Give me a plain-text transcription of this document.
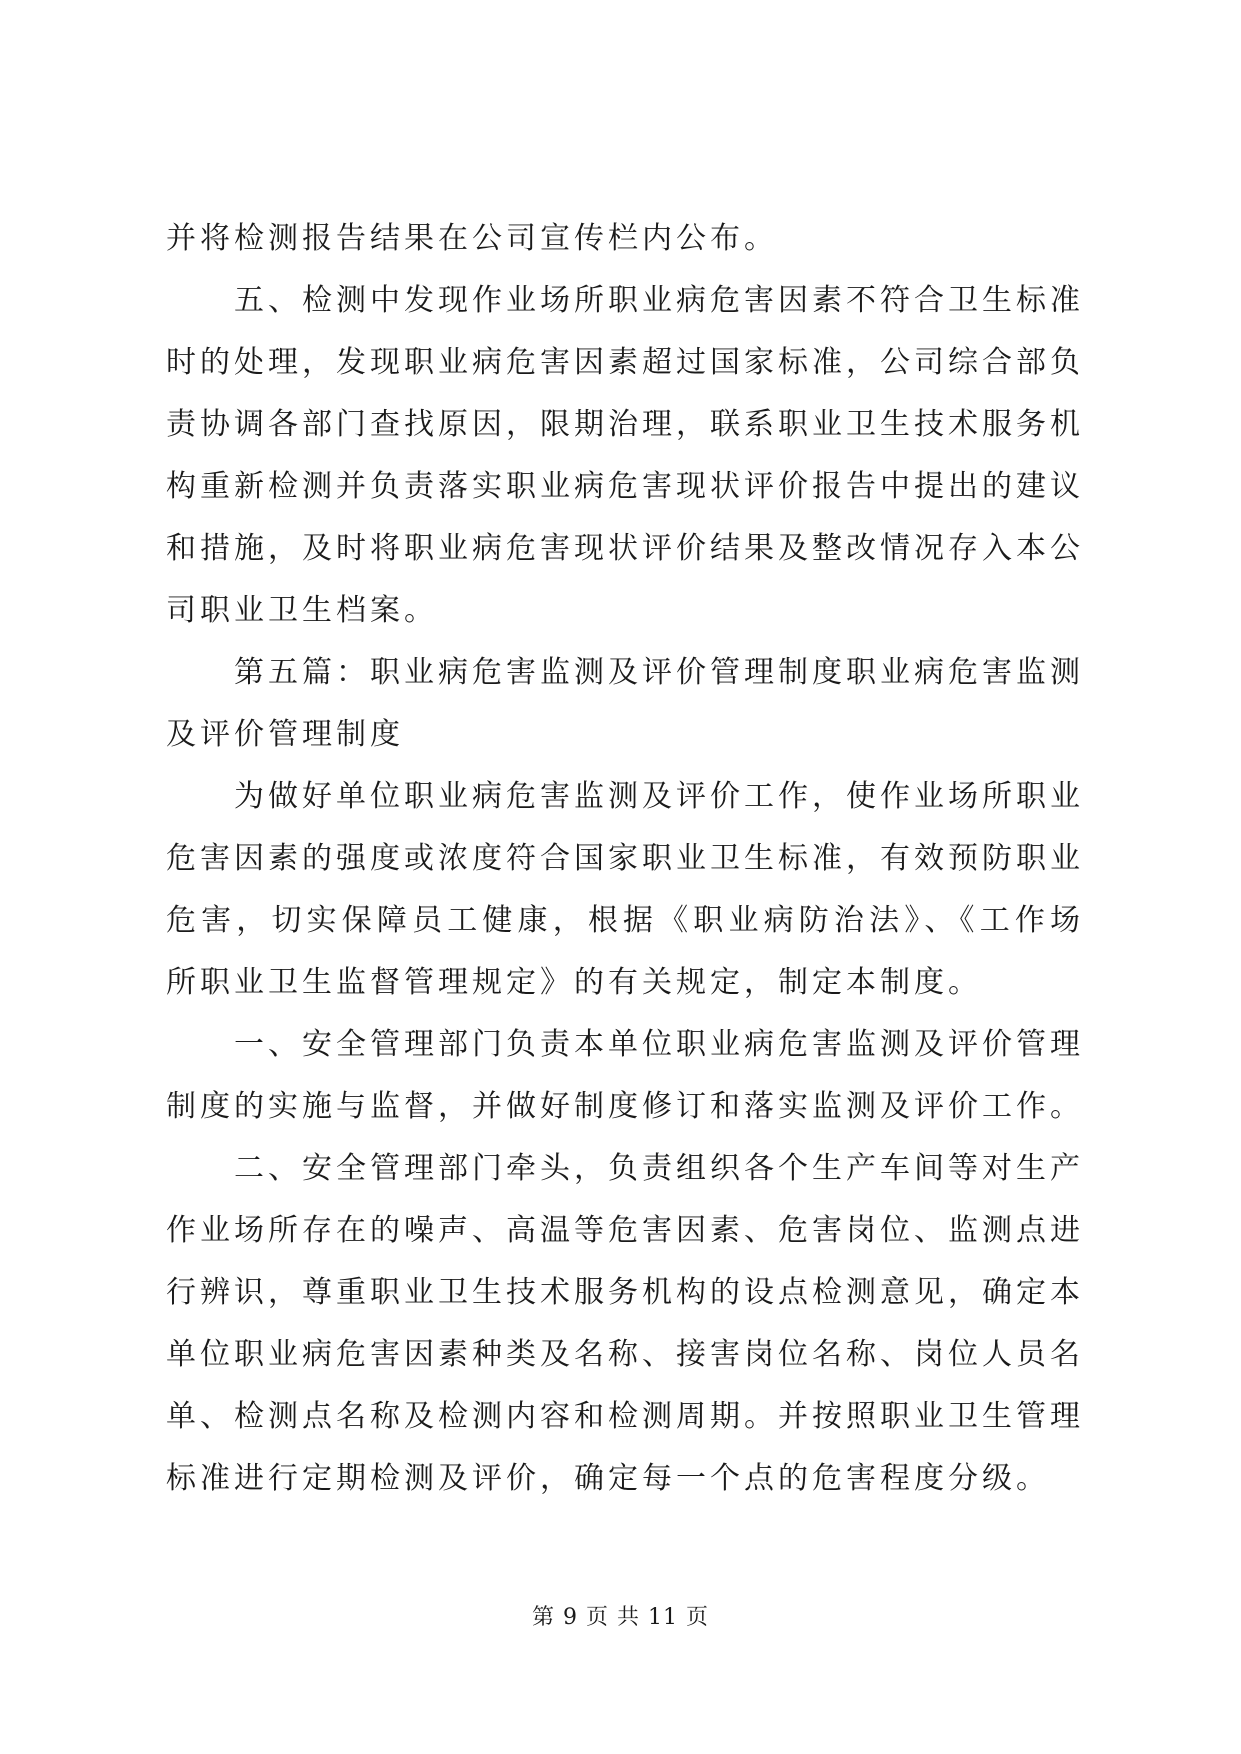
并将检测报告结果在公司宣传栏内公布。

五、检测中发现作业场所职业病危害因素不符合卫生标准时的处理，发现职业病危害因素超过国家标准，公司综合部负责协调各部门查找原因，限期治理，联系职业卫生技术服务机构重新检测并负责落实职业病危害现状评价报告中提出的建议和措施，及时将职业病危害现状评价结果及整改情况存入本公司职业卫生档案。

第五篇：职业病危害监测及评价管理制度职业病危害监测及评价管理制度

为做好单位职业病危害监测及评价工作，使作业场所职业危害因素的强度或浓度符合国家职业卫生标准，有效预防职业危害，切实保障员工健康，根据《职业病防治法》、《工作场所职业卫生监督管理规定》的有关规定，制定本制度。

一、安全管理部门负责本单位职业病危害监测及评价管理制度的实施与监督，并做好制度修订和落实监测及评价工作。

二、安全管理部门牵头，负责组织各个生产车间等对生产作业场所存在的噪声、高温等危害因素、危害岗位、监测点进行辨识，尊重职业卫生技术服务机构的设点检测意见，确定本单位职业病危害因素种类及名称、接害岗位名称、岗位人员名单、检测点名称及检测内容和检测周期。并按照职业卫生管理标准进行定期检测及评价，确定每一个点的危害程度分级。

第 9 页 共 11 页
